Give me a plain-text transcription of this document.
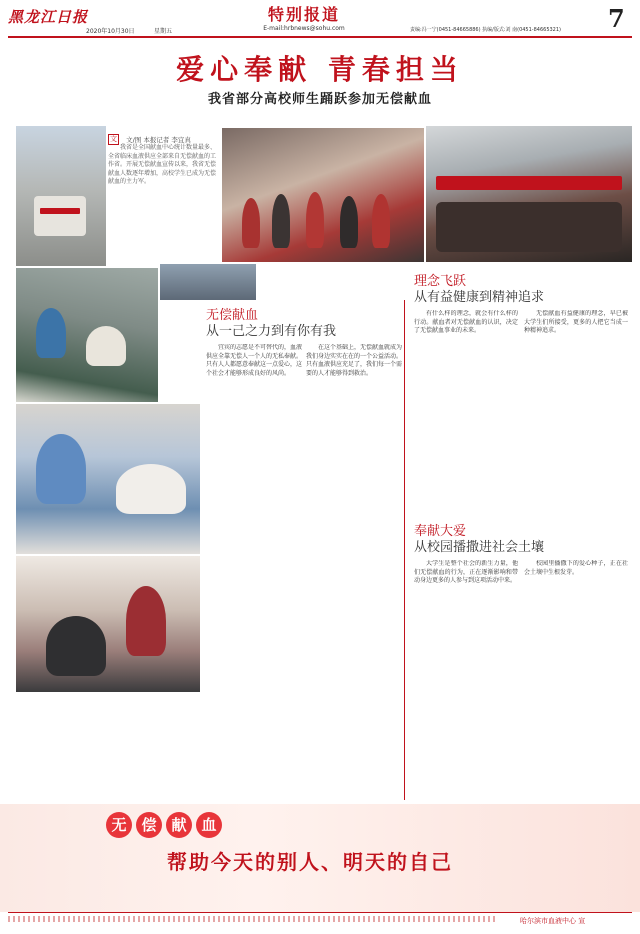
黑龙江日报
2020年10月30日	星期五
特别报道
E-mail:hrbnews@sohu.com	责编:冯一宁(0451-84665886) 执编/版式:刘 南(0451-84665321) 7
爱心奉献 青春担当
我省部分高校师生踊跃参加无偿献血
文 文/图 本报记者 李宜真
我省是全国献血中心统计数量最多、全省临床血液供应全部来自无偿献血的工作省。开展无偿献血宣传以来，我省无偿献血人数逐年增加，高校学生已成为无偿献血的主力军。
无偿献血
从一己之力到有你有我

宜宾的志愿是不可替代的，血液供应全靠无偿人一个人的无私奉献。只有人人都愿意奉献这一点爱心，这个社会才能够形成良好的风尚。

在这个基础上，无偿献血就成为我们身边实实在在的一个公益活动。只有血液供应充足了，我们每一个需要的人才能够得到救治。

理念飞跃
从有益健康到精神追求

有什么样的理念，就会有什么样的行动。献血者对无偿献血的认识，决定了无偿献血事业的未来。

无偿献血有益健康的理念，早已被大学生们所接受，更多的人把它当成一种精神追求。

奉献大爱
从校园播撒进社会土壤

大学生是整个社会的新生力量，他们无偿献血的行为，正在逐渐影响和带动身边更多的人参与到这项活动中来。

校园里播撒下的爱心种子，正在社会土壤中生根发芽。

无 偿 献 血
帮助今天的别人、明天的自己
哈尔滨市血液中心 宣
